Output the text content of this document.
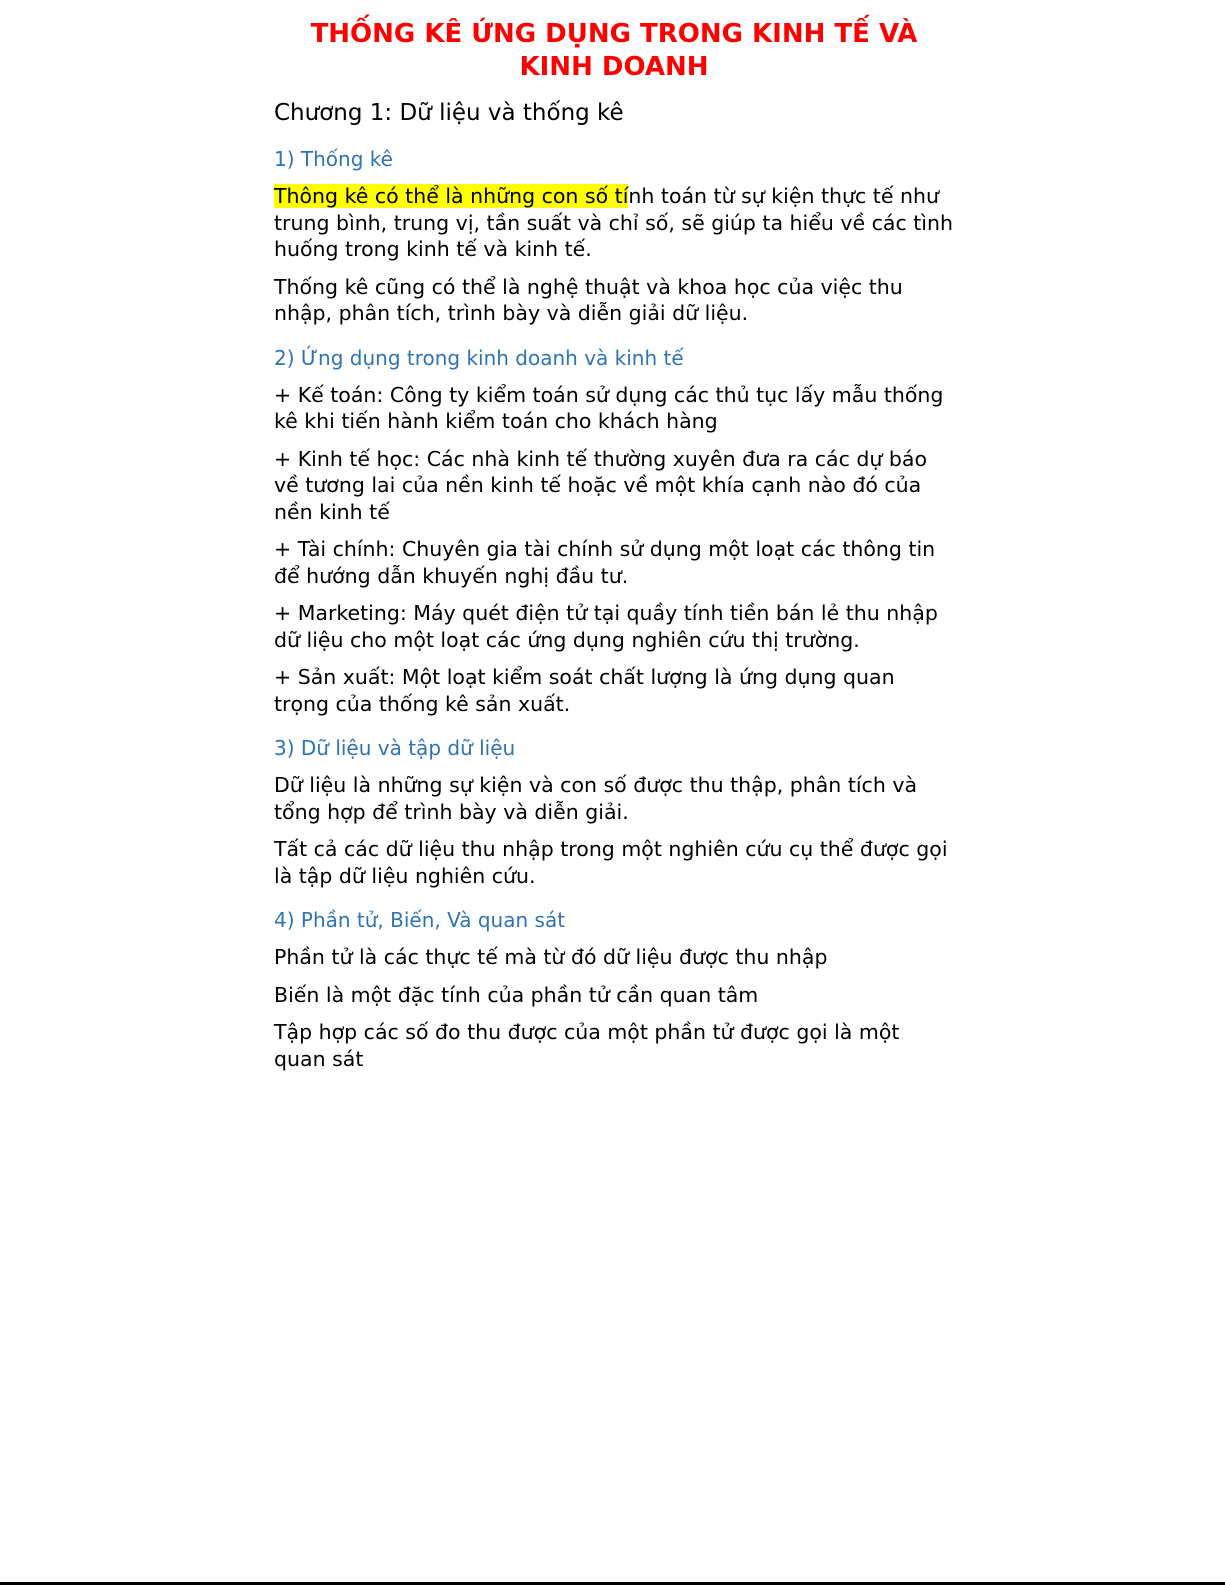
THỐNG KÊ ỨNG DỤNG TRONG KINH TẾ VÀ KINH DOANH
Chương 1: Dữ liệu và thống kê
1) Thống kê

Thông kê có thể là những con số tính toán từ sự kiện thực tế như trung bình, trung vị, tần suất và chỉ số, sẽ giúp ta hiểu về các tình huống trong kinh tế và kinh tế.

Thống kê cũng có thể là nghệ thuật và khoa học của việc thu nhập, phân tích, trình bày và diễn giải dữ liệu.

2) Ứng dụng trong kinh doanh và kinh tế

+ Kế toán: Công ty kiểm toán sử dụng các thủ tục lấy mẫu thống kê khi tiến hành kiểm toán cho khách hàng

+ Kinh tế học: Các nhà kinh tế thường xuyên đưa ra các dự báo về tương lai của nền kinh tế hoặc về một khía cạnh nào đó của nền kinh tế

+ Tài chính: Chuyên gia tài chính sử dụng một loạt các thông tin để hướng dẫn khuyến nghị đầu tư.

+ Marketing: Máy quét điện tử tại quầy tính tiền bán lẻ thu nhập dữ liệu cho một loạt các ứng dụng nghiên cứu thị trường.

+ Sản xuất: Một loạt kiểm soát chất lượng là ứng dụng quan trọng của thống kê sản xuất.

3) Dữ liệu và tập dữ liệu

Dữ liệu là những sự kiện và con số được thu thập, phân tích và tổng hợp để trình bày và diễn giải.

Tất cả các dữ liệu thu nhập trong một nghiên cứu cụ thể được gọi là tập dữ liệu nghiên cứu.

4) Phần tử, Biến, Và quan sát

Phần tử là các thực tế mà từ đó dữ liệu được thu nhập

Biến là một đặc tính của phần tử cần quan tâm

Tập hợp các số đo thu được của một phần tử được gọi là một quan sát
